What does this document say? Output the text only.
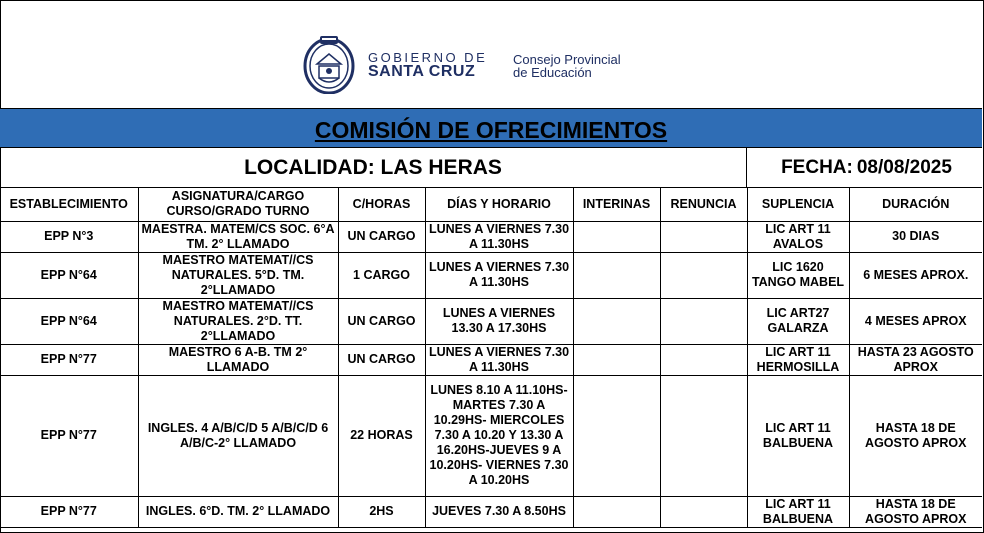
GOBIERNO DE
SANTA CRUZ
Consejo Provincial
de Educación
COMISIÓN DE OFRECIMIENTOS
LOCALIDAD: LAS HERAS	FECHA: 08/08/2025
ESTABLECIMIENTO	ASIGNATURA/CARGO CURSO/GRADO TURNO	C/HORAS	DÍAS Y HORARIO	INTERINAS	RENUNCIA	SUPLENCIA	DURACIÓN
EPP N°3	MAESTRA. MATEM/CS SOC. 6°A TM. 2° LLAMADO	UN CARGO	LUNES A VIERNES 7.30 A 11.30HS			LIC ART 11 AVALOS	30 DIAS
EPP N°64	MAESTRO MATEMAT//CS NATURALES. 5°D. TM. 2°LLAMADO	1 CARGO	LUNES A VIERNES 7.30 A 11.30HS			LIC 1620 TANGO MABEL	6 MESES APROX.
EPP N°64	MAESTRO MATEMAT//CS NATURALES. 2°D. TT. 2°LLAMADO	UN CARGO	LUNES A VIERNES 13.30 A 17.30HS			LIC ART27 GALARZA	4 MESES APROX
EPP N°77	MAESTRO 6 A-B. TM 2° LLAMADO	UN CARGO	LUNES A VIERNES 7.30 A 11.30HS			LIC ART 11 HERMOSILLA	HASTA 23 AGOSTO APROX
EPP N°77	INGLES. 4 A/B/C/D 5 A/B/C/D 6 A/B/C-2° LLAMADO	22 HORAS	LUNES 8.10 A 11.10HS- MARTES 7.30 A 10.29HS- MIERCOLES 7.30 A 10.20 Y 13.30 A 16.20HS-JUEVES 9 A 10.20HS- VIERNES 7.30 A 10.20HS			LIC ART 11 BALBUENA	HASTA 18 DE AGOSTO APROX
EPP N°77	INGLES. 6°D. TM. 2° LLAMADO	2HS	JUEVES 7.30 A 8.50HS			LIC ART 11 BALBUENA	HASTA 18 DE AGOSTO APROX
